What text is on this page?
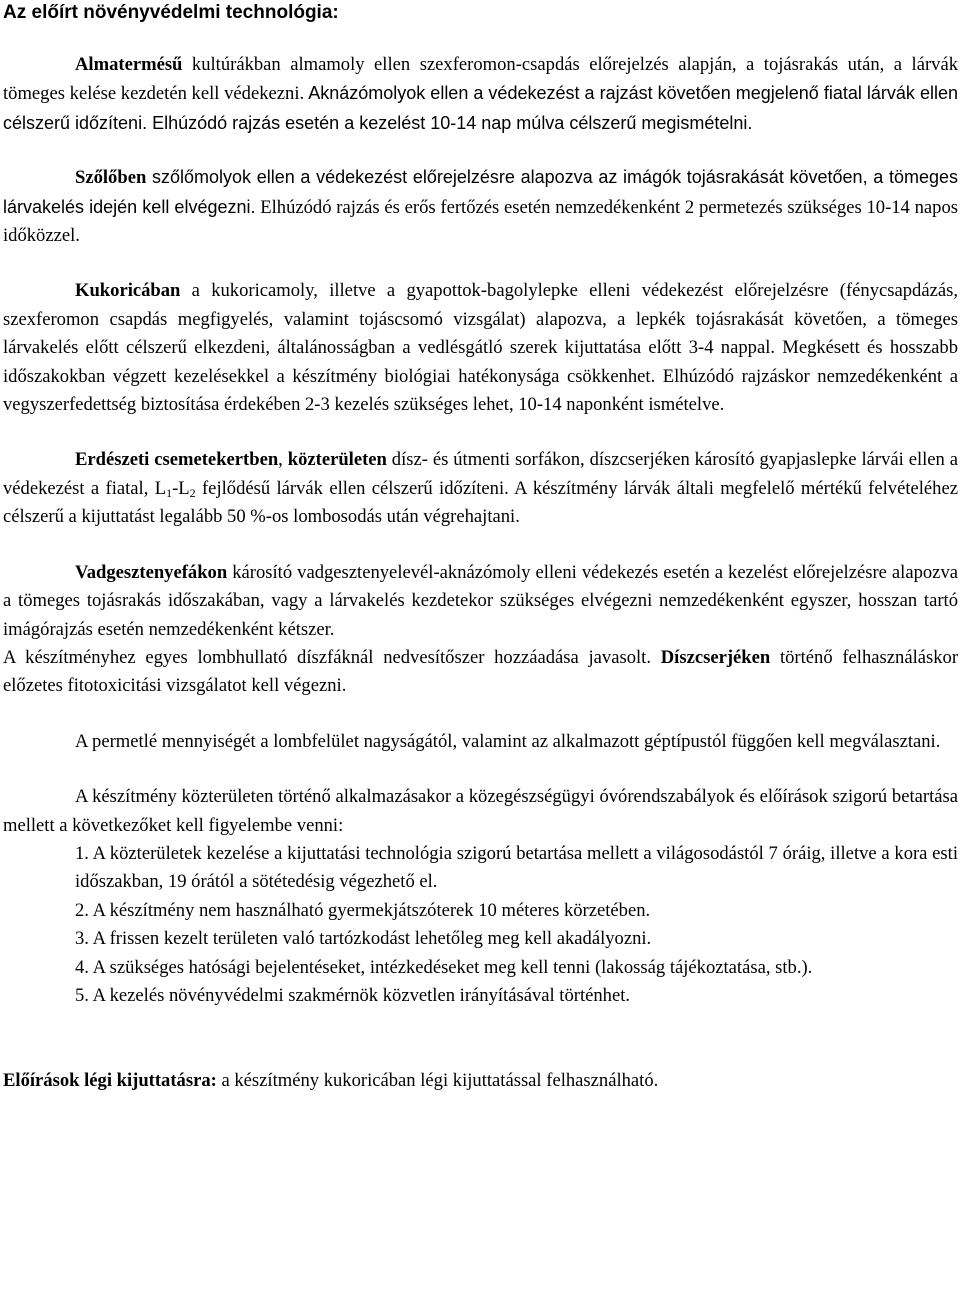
Az előírt növényvédelmi technológia:

Almatermésű kultúrákban almamoly ellen szexferomon-csapdás előrejelzés alapján, a tojásrakás után, a lárvák tömeges kelése kezdetén kell védekezni. Aknázómolyok ellen a védekezést a rajzást követően megjelenő fiatal lárvák ellen célszerű időzíteni. Elhúzódó rajzás esetén a kezelést 10-14 nap múlva célszerű megismételni.

Szőlőben szőlőmolyok ellen a védekezést előrejelzésre alapozva az imágók tojásrakását követően, a tömeges lárvakelés idején kell elvégezni. Elhúzódó rajzás és erős fertőzés esetén nemzedékenként 2 permetezés szükséges 10-14 napos időközzel.

Kukoricában a kukoricamoly, illetve a gyapottok-bagolylepke elleni védekezést előrejelzésre (fénycsapdázás, szexferomon csapdás megfigyelés, valamint tojáscsomó vizsgálat) alapozva, a lepkék tojásrakását követően, a tömeges lárvakelés előtt célszerű elkezdeni, általánosságban a vedlésgátló szerek kijuttatása előtt 3-4 nappal. Megkésett és hosszabb időszakokban végzett kezelésekkel a készítmény biológiai hatékonysága csökkenhet. Elhúzódó rajzáskor nemzedékenként a vegyszerfedettség biztosítása érdekében 2-3 kezelés szükséges lehet, 10-14 naponként ismételve.

Erdészeti csemetekertben, közterületen dísz- és útmenti sorfákon, díszcserjéken károsító gyapjaslepke lárvái ellen a védekezést a fiatal, $L_1-L_2$ fejlődésű lárvák ellen célszerű időzíteni. A készítmény lárvák általi megfelelő mértékű felvételéhez célszerű a kijuttatást legalább 50 %-os lombosodás után végrehajtani.

Vadgesztenyefákon károsító vadgesztenyelevél-aknázómoly elleni védekezés esetén a kezelést előrejelzésre alapozva a tömeges tojásrakás időszakában, vagy a lárvakelés kezdetekor szükséges elvégezni nemzedékenként egyszer, hosszan tartó imágórajzás esetén nemzedékenként kétszer.

A készítményhez egyes lombhullató díszfáknál nedvesítőszer hozzáadása javasolt. Díszcserjéken történő felhasználáskor előzetes fitotoxicitási vizsgálatot kell végezni.

A permetlé mennyiségét a lombfelület nagyságától, valamint az alkalmazott géptípustól függően kell megválasztani.

A készítmény közterületen történő alkalmazásakor a közegészségügyi óvórendszabályok és előírások szigorú betartása mellett a következőket kell figyelembe venni:

1. A közterületek kezelése a kijuttatási technológia szigorú betartása mellett a világosodástól 7 óráig, illetve a kora esti időszakban, 19 órától a sötétedésig végezhető el.
2. A készítmény nem használható gyermekjátszóterek 10 méteres körzetében.
3. A frissen kezelt területen való tartózkodást lehetőleg meg kell akadályozni.
4. A szükséges hatósági bejelentéseket, intézkedéseket meg kell tenni (lakosság tájékoztatása, stb.).
5. A kezelés növényvédelmi szakmérnök közvetlen irányításával történhet.

Előírások légi kijuttatásra: a készítmény kukoricában légi kijuttatással felhasználható.
